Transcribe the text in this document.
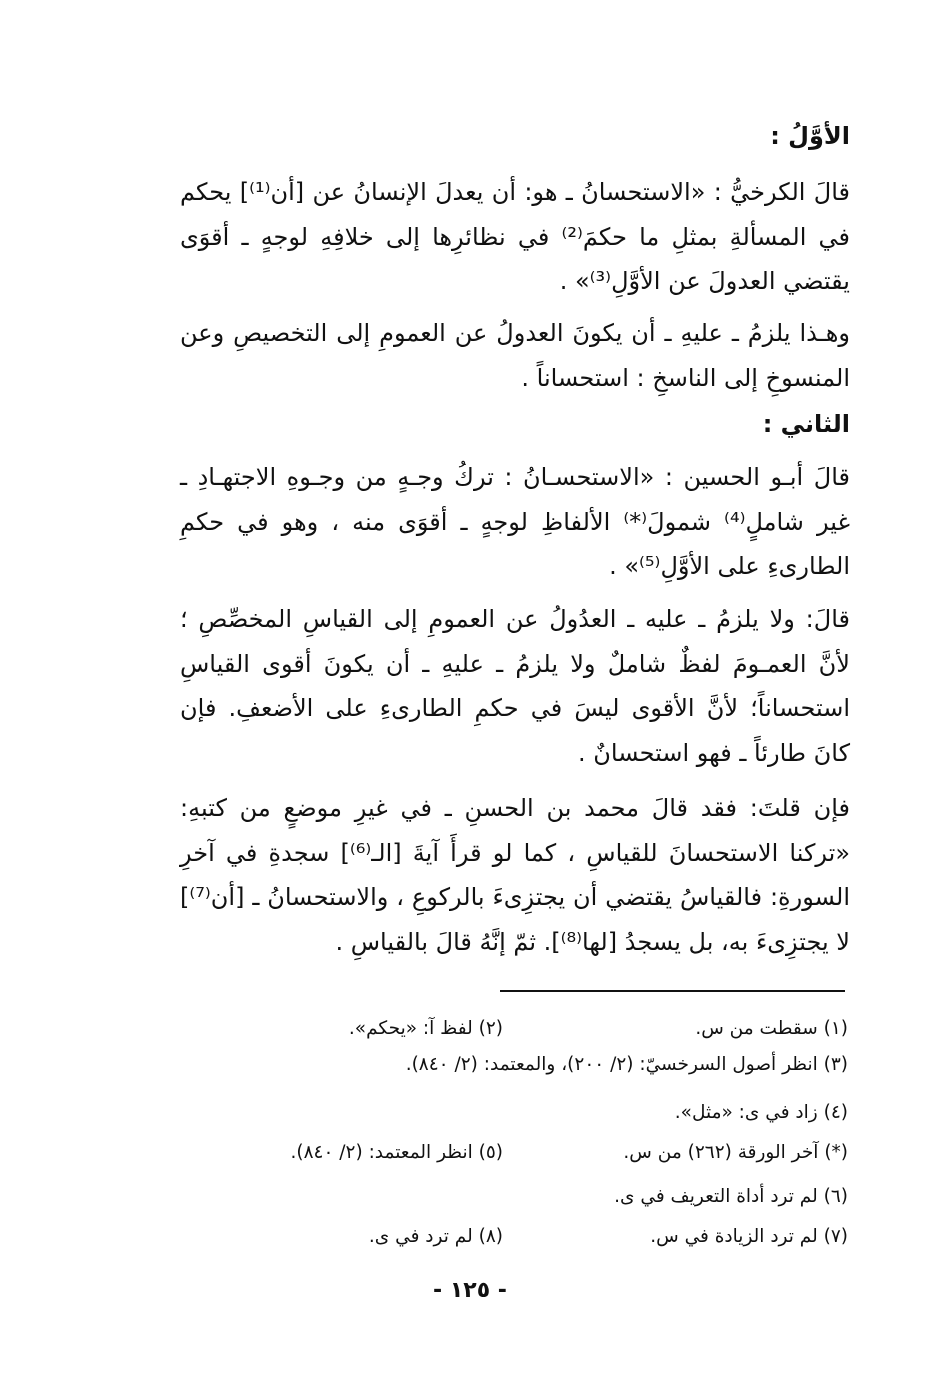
الأوَّلُ :

قالَ الكرخيُّ : «الاستحسانُ ـ هو: أن يعدلَ الإنسانُ عن [أن⁽¹⁾] يحكم في المسألةِ بمثلِ ما حكمَ⁽²⁾ في نظائرِها إلى خلافِهِ لوجهٍ ـ أقوَى يقتضي العدولَ عن الأوَّلِ⁽³⁾» .

وهـذا يلزمُ ـ عليهِ ـ أن يكونَ العدولُ عن العمومِ إلى التخصيصِ وعن المنسوخِ إلى الناسخِ : استحساناً .

الثاني :

قالَ أبـو الحسين : «الاستحسـانُ : تركُ وجـهٍ من وجـوهِ الاجتهـادِ ـ غير شاملٍ⁽⁴⁾ شمولَ⁽*⁾ الألفاظِ لوجهٍ ـ أقوَى منه ، وهو في حكمِ الطارىءِ على الأوَّلِ⁽⁵⁾» .

قالَ: ولا يلزمُ ـ عليه ـ العدُولُ عن العمومِ إلى القياسِ المخصِّصِ ؛ لأنَّ العمـومَ لفظٌ شاملٌ ولا يلزمُ ـ عليهِ ـ أن يكونَ أقوى القياسِ استحساناً؛ لأنَّ الأقوى ليسَ في حكمِ الطارىءِ على الأضعفِ. فإن كانَ طارئاً ـ فهو استحسانٌ .

فإن قلتَ: فقد قالَ محمد بن الحسنِ ـ في غيرِ موضعٍ من كتبهِ: «تركنا الاستحسانَ للقياسِ ، كما لو قرأَ آيةَ [الـ⁽⁶⁾] سجدةِ في آخرِ السورةِ: فالقياسُ يقتضي أن يجتزِىءَ بالركوعِ ، والاستحسانُ ـ [أن⁽⁷⁾] لا يجتزِىءَ به، بل يسجدُ [لها⁽⁸⁾]. ثمّ إنَّهُ قالَ بالقياسِ .

(١) سقطت من س.
(٢) لفظ آ: «يحكم».
(٣) انظر أصول السرخسيّ: (٢/ ٢٠٠)، والمعتمد: (٢/ ٨٤٠).
(٤) زاد في ى: «مثل».
(*) آخر الورقة (٢٦٢) من س.
(٥) انظر المعتمد: (٢/ ٨٤٠).
(٦) لم ترد أداة التعريف في ى.
(٧) لم ترد الزيادة في س.
(٨) لم ترد في ى.
- ١٢٥ -
